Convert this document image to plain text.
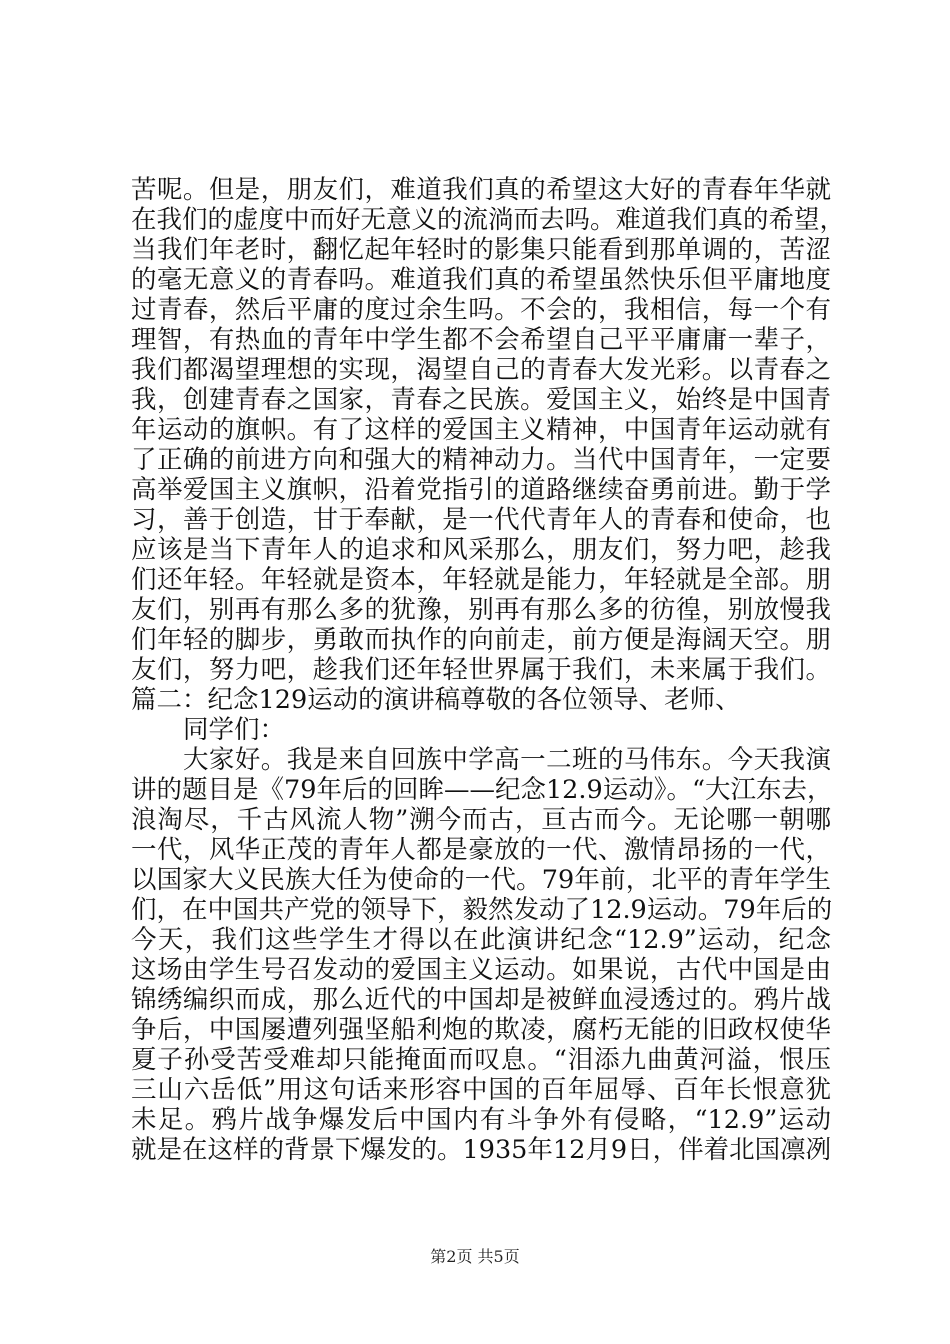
苦呢。但是，朋友们，难道我们真的希望这大好的青春年华就
在我们的虚度中而好无意义的流淌而去吗。难道我们真的希望，
当我们年老时，翻忆起年轻时的影集只能看到那单调的，苦涩
的毫无意义的青春吗。难道我们真的希望虽然快乐但平庸地度
过青春，然后平庸的度过余生吗。不会的，我相信，每一个有
理智，有热血的青年中学生都不会希望自己平平庸庸一辈子，
我们都渴望理想的实现，渴望自己的青春大发光彩。以青春之
我，创建青春之国家，青春之民族。爱国主义，始终是中国青
年运动的旗帜。有了这样的爱国主义精神，中国青年运动就有
了正确的前进方向和强大的精神动力。当代中国青年，一定要
高举爱国主义旗帜，沿着党指引的道路继续奋勇前进。勤于学
习，善于创造，甘于奉献，是一代代青年人的青春和使命，也
应该是当下青年人的追求和风采那么，朋友们，努力吧，趁我
们还年轻。年轻就是资本，年轻就是能力，年轻就是全部。朋
友们，别再有那么多的犹豫，别再有那么多的彷徨，别放慢我
们年轻的脚步，勇敢而执作的向前走，前方便是海阔天空。朋
友们，努力吧，趁我们还年轻世界属于我们，未来属于我们。
篇二：纪念129运动的演讲稿尊敬的各位领导、老师、
同学们：
大家好。我是来自回族中学高一二班的马伟东。今天我演
讲的题目是《79年后的回眸——纪念12.9运动》。“大江东去，
浪淘尽，千古风流人物”溯今而古，亘古而今。无论哪一朝哪
一代，风华正茂的青年人都是豪放的一代、激情昂扬的一代，
以国家大义民族大任为使命的一代。79年前，北平的青年学生
们，在中国共产党的领导下，毅然发动了12.9运动。79年后的
今天，我们这些学生才得以在此演讲纪念“12.9”运动，纪念
这场由学生号召发动的爱国主义运动。如果说，古代中国是由
锦绣编织而成，那么近代的中国却是被鲜血浸透过的。鸦片战
争后，中国屡遭列强坚船利炮的欺凌，腐朽无能的旧政权使华
夏子孙受苦受难却只能掩面而叹息。“泪添九曲黄河溢，恨压
三山六岳低”用这句话来形容中国的百年屈辱、百年长恨意犹
未足。鸦片战争爆发后中国内有斗争外有侵略，“12.9”运动
就是在这样的背景下爆发的。1935年12月9日，伴着北国凛冽
第2页 共5页
